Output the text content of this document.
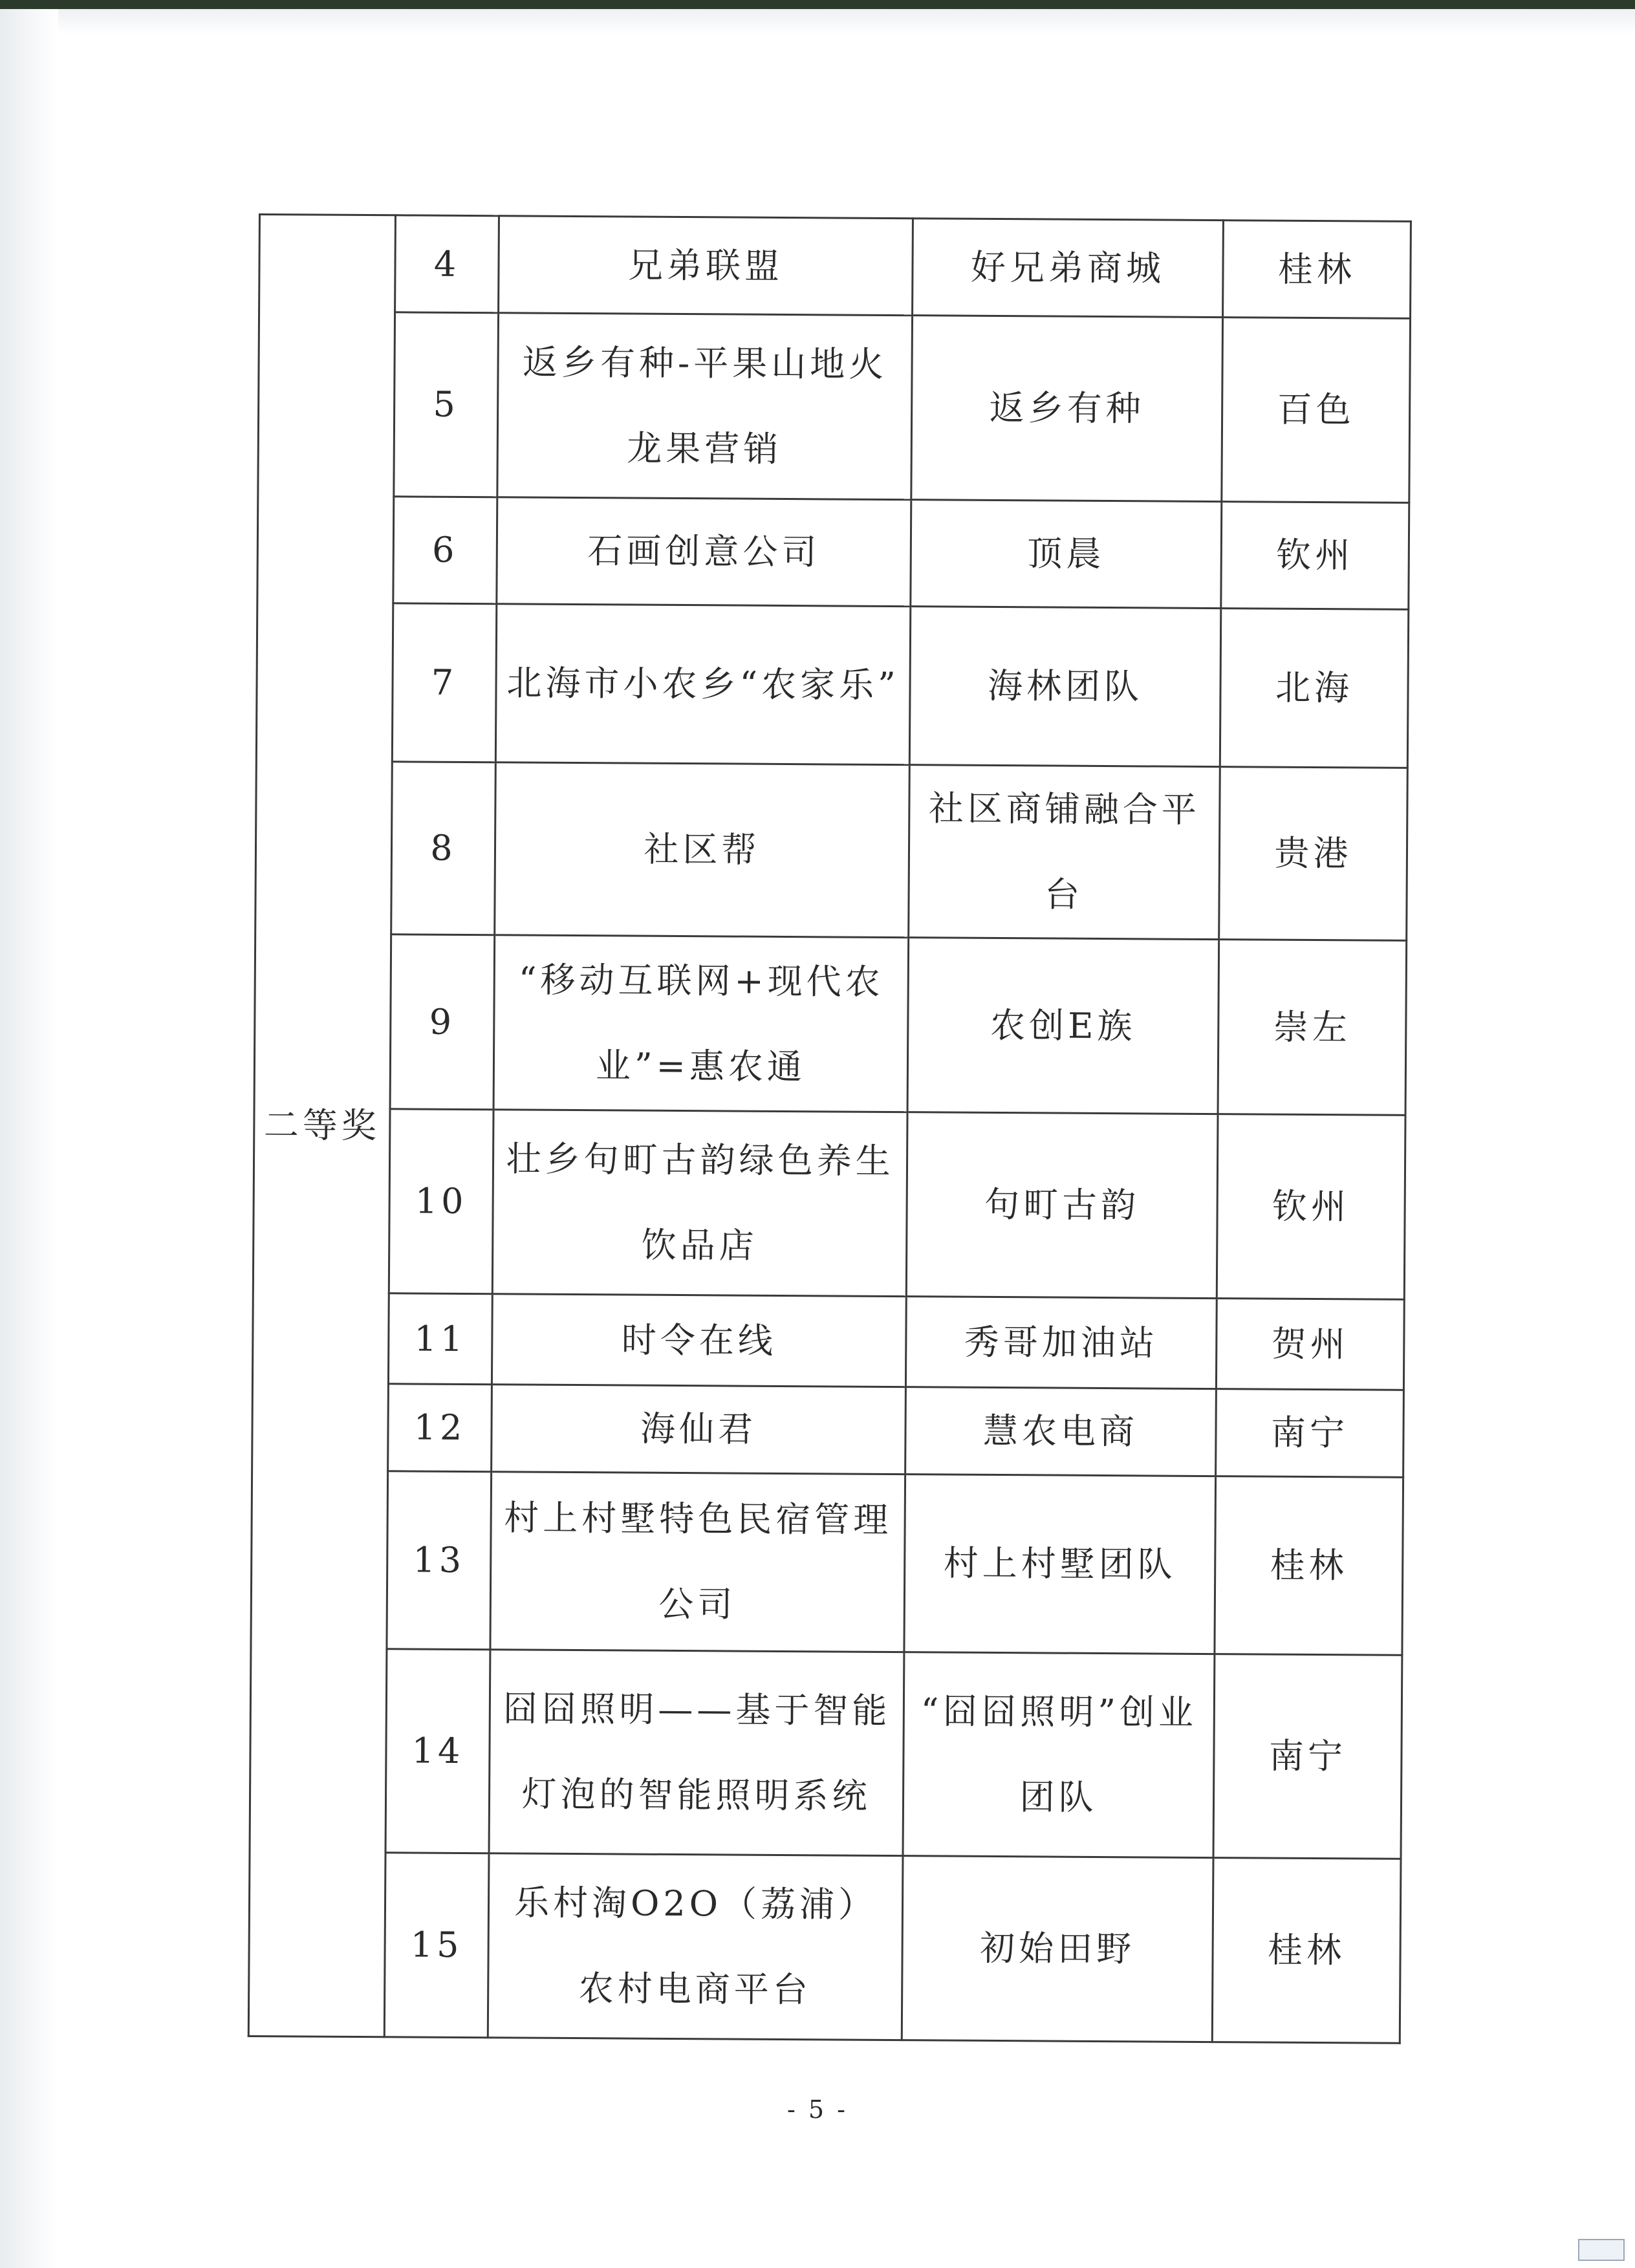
二等奖	4	兄弟联盟	好兄弟商城	桂林
	5	返乡有种-平果山地火龙果营销	返乡有种	百色
	6	石画创意公司	顶晨	钦州
	7	北海市小农乡“农家乐”	海林团队	北海
	8	社区帮	社区商铺融合平台	贵港
	9	“移动互联网+现代农业”=惠农通	农创E族	崇左
	10	壮乡句町古韵绿色养生饮品店	句町古韵	钦州
	11	时令在线	秀哥加油站	贺州
	12	海仙君	慧农电商	南宁
	13	村上村墅特色民宿管理公司	村上村墅团队	桂林
	14	囧囧照明——基于智能灯泡的智能照明系统	“囧囧照明”创业团队	南宁
	15	乐村淘O2O（荔浦）农村电商平台	初始田野	桂林
- 5 -
